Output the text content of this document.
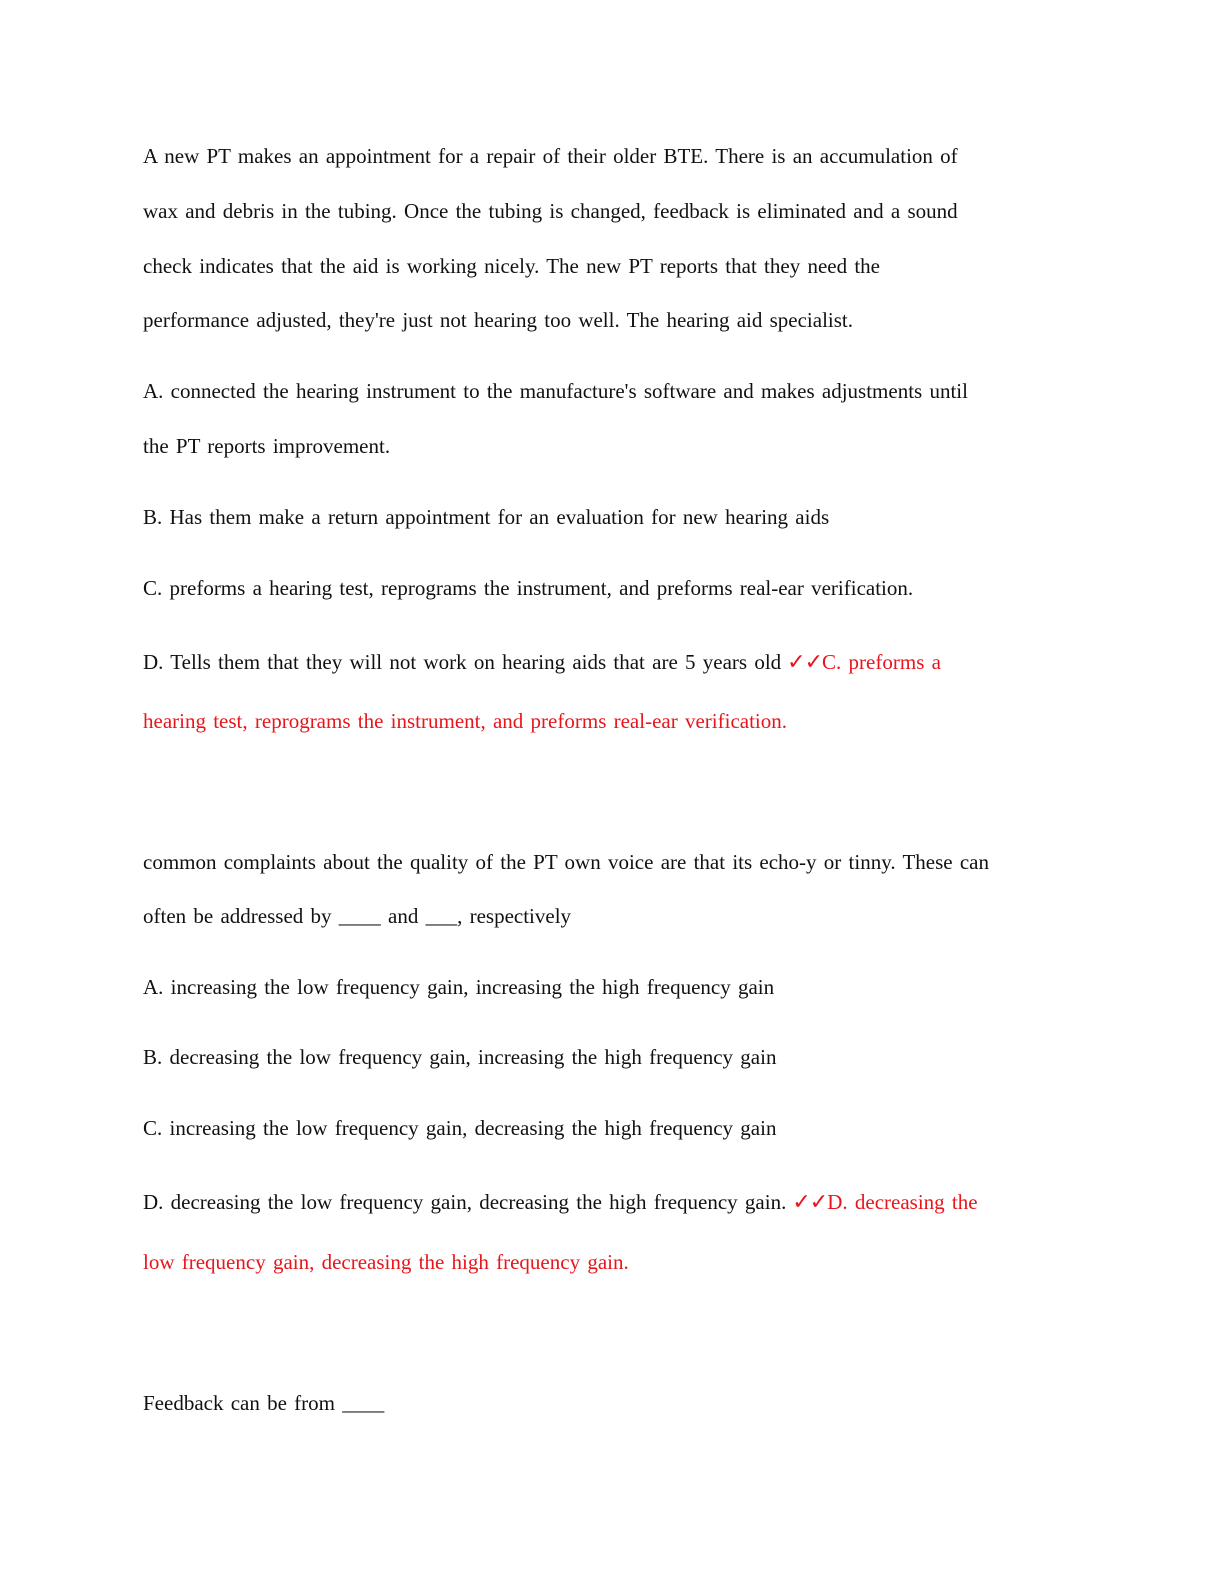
A new PT makes an appointment for a repair of their older BTE. There is an accumulation of
wax and debris in the tubing. Once the tubing is changed, feedback is eliminated and a sound
check indicates that the aid is working nicely. The new PT reports that they need the
performance adjusted, they're just not hearing too well. The hearing aid specialist.
A. connected the hearing instrument to the manufacture's software and makes adjustments until
the PT reports improvement.
B. Has them make a return appointment for an evaluation for new hearing aids
C. preforms a hearing test, reprograms the instrument, and preforms real-ear verification.
D. Tells them that they will not work on hearing aids that are 5 years old ✓✓C. preforms a
hearing test, reprograms the instrument, and preforms real-ear verification.
common complaints about the quality of the PT own voice are that its echo-y or tinny. These can
often be addressed by ____ and ___, respectively
A. increasing the low frequency gain, increasing the high frequency gain
B. decreasing the low frequency gain, increasing the high frequency gain
C. increasing the low frequency gain, decreasing the high frequency gain
D. decreasing the low frequency gain, decreasing the high frequency gain. ✓✓D. decreasing the
low frequency gain, decreasing the high frequency gain.
Feedback can be from ____
